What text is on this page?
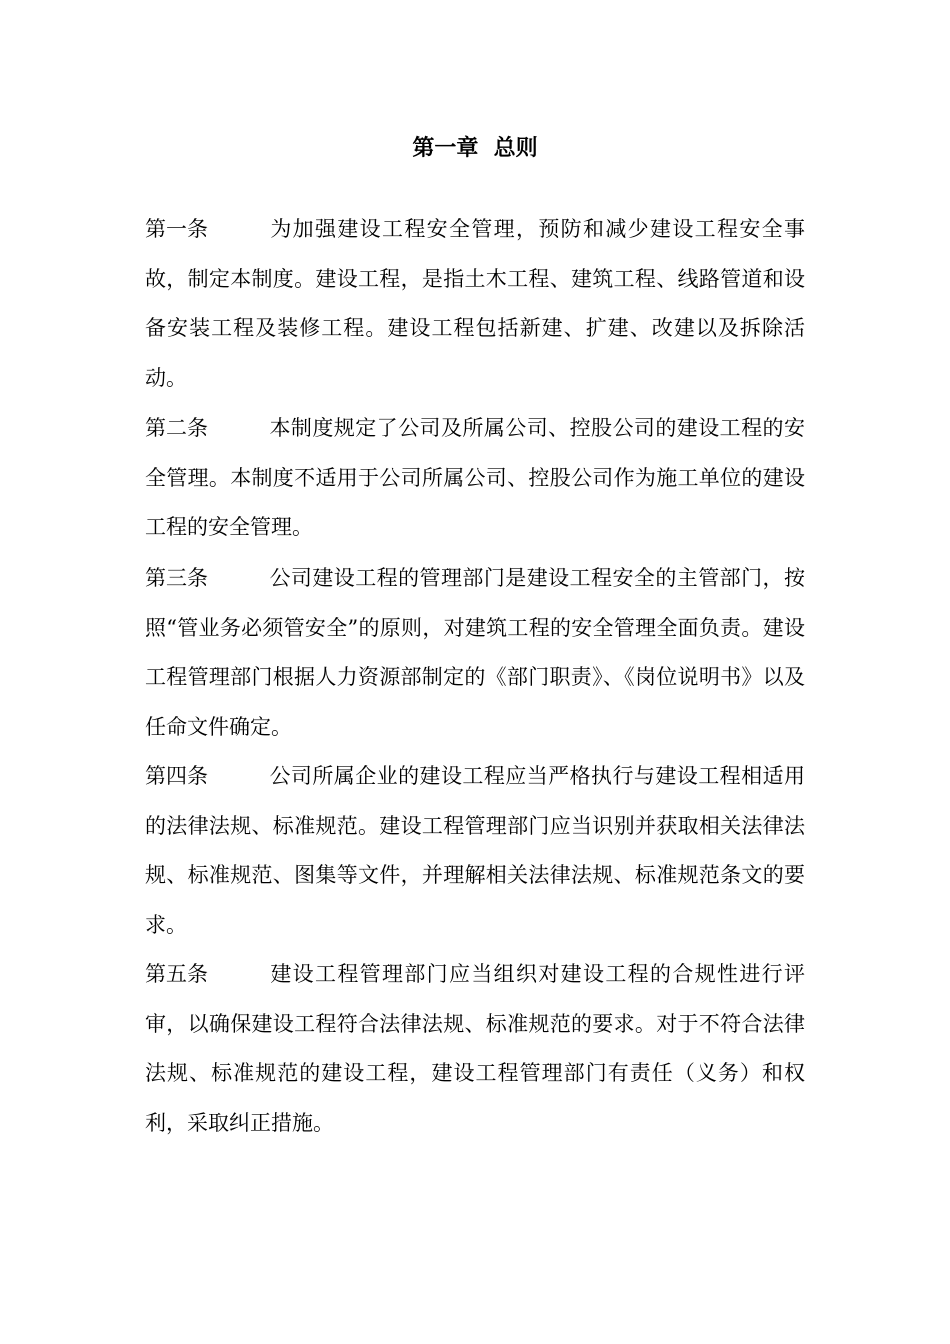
第一章  总则

第一条	为加强建设工程安全管理，预防和减少建设工程安全事故，制定本制度。建设工程，是指土木工程、建筑工程、线路管道和设备安装工程及装修工程。建设工程包括新建、扩建、改建以及拆除活动。

第二条	本制度规定了公司及所属公司、控股公司的建设工程的安全管理。本制度不适用于公司所属公司、控股公司作为施工单位的建设工程的安全管理。

第三条	公司建设工程的管理部门是建设工程安全的主管部门，按照“管业务必须管安全”的原则，对建筑工程的安全管理全面负责。建设工程管理部门根据人力资源部制定的《部门职责》、《岗位说明书》以及任命文件确定。

第四条	公司所属企业的建设工程应当严格执行与建设工程相适用的法律法规、标准规范。建设工程管理部门应当识别并获取相关法律法规、标准规范、图集等文件，并理解相关法律法规、标准规范条文的要求。

第五条	建设工程管理部门应当组织对建设工程的合规性进行评审，以确保建设工程符合法律法规、标准规范的要求。对于不符合法律法规、标准规范的建设工程，建设工程管理部门有责任（义务）和权利，采取纠正措施。
